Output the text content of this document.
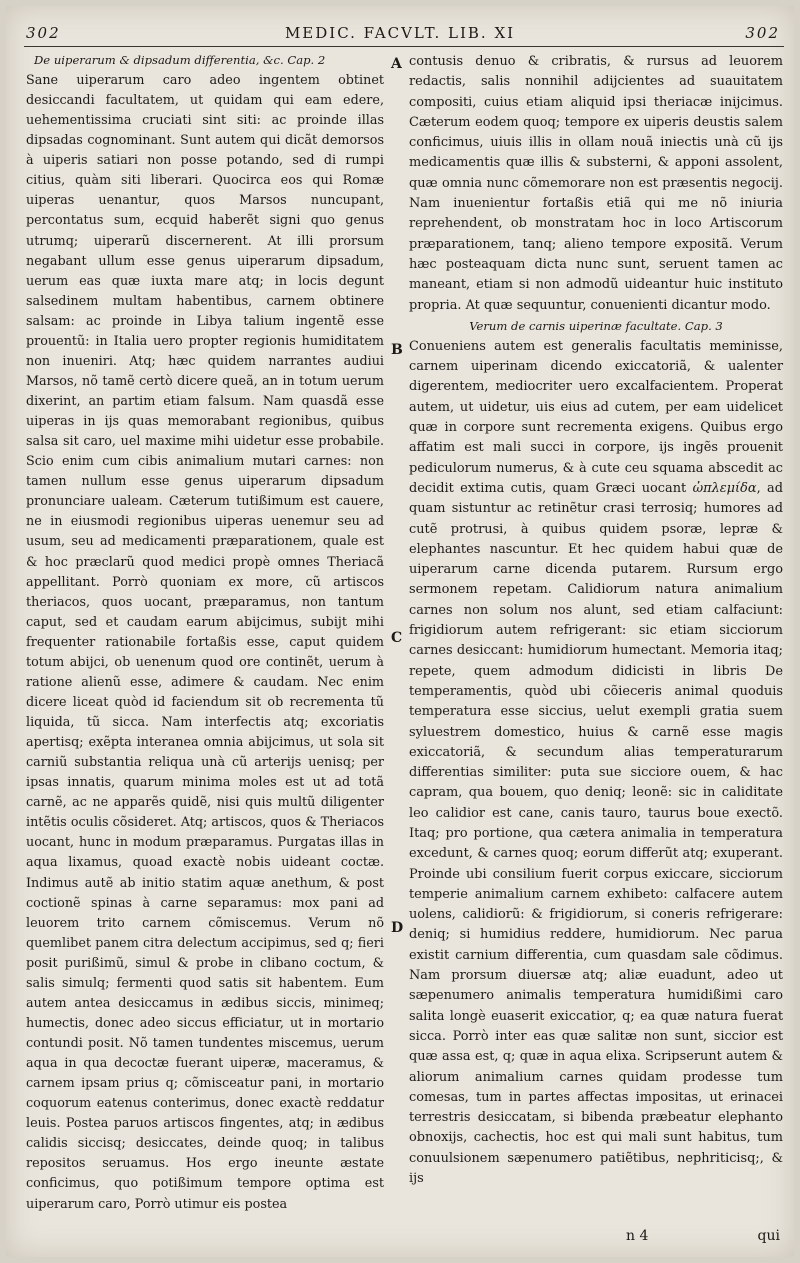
302	MEDIC. FACVLT. LIB. XI	302
De uiperarum & dipsadum differentia, &c. Cap. 2

Sane uiperarum caro adeo ingentem obtinet desiccandi facultatem, ut quidam qui eam edere, uehementissima cruciati sint siti: ac proinde illas dipsadas cognominant. Sunt autem qui dicãt demorsos à uiperis satiari non posse potando, sed di rumpi citius, quàm siti liberari. Quocirca eos qui Romæ uiperas uenantur, quos Marsos nuncupant, percontatus sum, ecquid haberẽt signi quo genus utrumq; uiperarũ discernerent. At illi prorsum negabant ullum esse genus uiperarum dipsadum, uerum eas quæ iuxta mare atq; in locis degunt salsedinem multam habentibus, carnem obtinere salsam: ac proinde in Libya talium ingentẽ esse prouentũ: in Italia uero propter regionis humiditatem non inueniri. Atq; hæc quidem narrantes audiui Marsos, nõ tamẽ certò dicere queã, an in totum uerum dixerint, an partim etiam falsum. Nam quasdã esse uiperas in ijs quas memorabant regionibus, quibus salsa sit caro, uel maxime mihi uidetur esse probabile. Scio enim cum cibis animalium mutari carnes: non tamen nullum esse genus uiperarum dipsadum pronunciare ualeam. Cæterum tutißimum est cauere, ne in eiusmodi regionibus uiperas uenemur seu ad usum, seu ad medicamenti præparationem, quale est & hoc præclarũ quod medici propè omnes Theriacã appellitant. Porrò quoniam ex more, cũ artiscos theriacos, quos uocant, præparamus, non tantum caput, sed et caudam earum abijcimus, subijt mihi frequenter rationabile fortaßis esse, caput quidem totum abijci, ob uenenum quod ore continẽt, uerum à ratione alienũ esse, adimere & caudam. Nec enim dicere liceat quòd id faciendum sit ob recrementa tũ liquida, tũ sicca. Nam interfectis atq; excoriatis apertisq; exẽpta interanea omnia abijcimus, ut sola sit carniũ substantia reliqua unà cũ arterijs uenisq; per ipsas innatis, quarum minima moles est ut ad totã carnẽ, ac ne apparẽs quidẽ, nisi quis multũ diligenter intẽtis oculis cõsideret. Atq; artiscos, quos & Theriacos uocant, hunc in modum præparamus. Purgatas illas in aqua lixamus, quoad exactè nobis uideant coctæ. Indimus autẽ ab initio statim aquæ anethum, & post coctionẽ spinas à carne separamus: mox pani ad leuorem trito carnem cõmiscemus. Verum nõ quemlibet panem citra delectum accipimus, sed q; fieri posit purißimũ, simul & probe in clibano coctum, & salis simulq; fermenti quod satis sit habentem. Eum autem antea desiccamus in ædibus siccis, minimeq; humectis, donec adeo siccus efficiatur, ut in mortario contundi posit. Nõ tamen tundentes miscemus, uerum aqua in qua decoctæ fuerant uiperæ, maceramus, & carnem ipsam prius q; cõmisceatur pani, in mortario coquorum eatenus conterimus, donec exactè reddatur leuis. Postea paruos artiscos fingentes, atq; in ædibus calidis siccisq; desiccates, deinde quoq; in talibus repositos seruamus. Hos ergo ineunte æstate conficimus, quo potißimum tempore optima est uiperarum caro, Porrò utimur eis postea

A
B
C
D

contusis denuo & cribratis, & rursus ad leuorem redactis, salis nonnihil adijcientes ad suauitatem compositi, cuius etiam aliquid ipsi theriacæ inijcimus. Cæterum eodem quoq; tempore ex uiperis deustis salem conficimus, uiuis illis in ollam nouã iniectis unà cũ ijs medicamentis quæ illis & substerni, & apponi assolent, quæ omnia nunc cõmemorare non est præsentis negocij. Nam inuenientur fortaßis etiã qui me nõ iniuria reprehendent, ob monstratam hoc in loco Artiscorum præparationem, tanq; alieno tempore expositã. Verum hæc posteaquam dicta nunc sunt, seruent tamen ac maneant, etiam si non admodũ uideantur huic instituto propria. At quæ sequuntur, conuenienti dicantur modo.

Verum de carnis uiperinæ facultate. Cap. 3

Conueniens autem est generalis facultatis meminisse, carnem uiperinam dicendo exiccatoriã, & ualenter digerentem, mediocriter uero excalfacientem. Properat autem, ut uidetur, uis eius ad cutem, per eam uidelicet quæ in corpore sunt recrementa exigens. Quibus ergo affatim est mali succi in corpore, ijs ingẽs prouenit pediculorum numerus, & à cute ceu squama abscedit ac decidit extima cutis, quam Græci uocant ὠπλεμίδα, ad quam sistuntur ac retinẽtur crasi terrosiq; humores ad cutẽ protrusi, à quibus quidem psoræ, lepræ & elephantes nascuntur. Et hec quidem habui quæ de uiperarum carne dicenda putarem. Rursum ergo sermonem repetam. Calidiorum natura animalium carnes non solum nos alunt, sed etiam calfaciunt: frigidiorum autem refrigerant: sic etiam sicciorum carnes desiccant: humidiorum humectant. Memoria itaq; repete, quem admodum didicisti in libris De temperamentis, quòd ubi cõieceris animal quoduis temperatura esse siccius, uelut exempli gratia suem syluestrem domestico, huius & carnẽ esse magis exiccatoriã, & secundum alias temperaturarum differentias similiter: puta sue sicciore ouem, & hac capram, qua bouem, quo deniq; leonẽ: sic in caliditate leo calidior est cane, canis tauro, taurus boue exectõ. Itaq; pro portione, qua cætera animalia in temperatura excedunt, & carnes quoq; eorum differũt atq; exuperant. Proinde ubi consilium fuerit corpus exiccare, sicciorum temperie animalium carnem exhibeto: calfacere autem uolens, calidiorũ: & frigidiorum, si coneris refrigerare: deniq; si humidius reddere, humidiorum. Nec parua existit carnium differentia, cum quasdam sale cõdimus. Nam prorsum diuersæ atq; aliæ euadunt, adeo ut sæpenumero animalis temperatura humidißimi caro salita longè euaserit exiccatior, q; ea quæ natura fuerat sicca. Porrò inter eas quæ salitæ non sunt, siccior est quæ assa est, q; quæ in aqua elixa. Scripserunt autem & aliorum animalium carnes quidam prodesse tum comesas, tum in partes affectas impositas, ut erinacei terrestris desiccatam, si bibenda præbeatur elephanto obnoxijs, cachectis, hoc est qui mali sunt habitus, tum conuulsionem sæpenumero patiẽtibus, nephriticisq;, & ijs

n 4	qui
